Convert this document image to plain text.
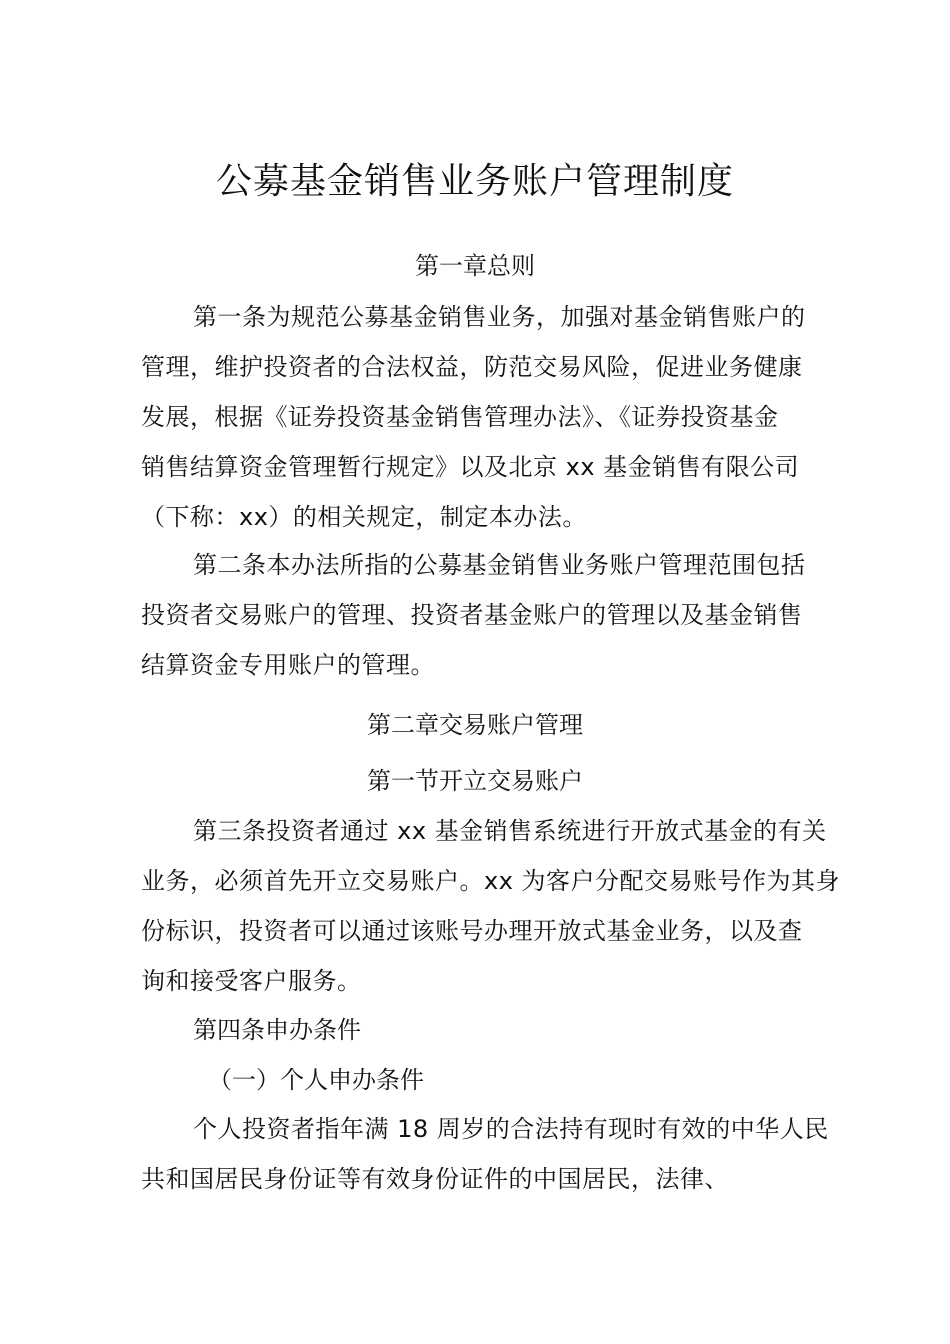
公募基金销售业务账户管理制度
第一章总则

第一条为规范公募基金销售业务，加强对基金销售账户的
管理，维护投资者的合法权益，防范交易风险，促进业务健康
发展，根据《证券投资基金销售管理办法》、《证券投资基金
销售结算资金管理暂行规定》以及北京 xx 基金销售有限公司
（下称：xx）的相关规定，制定本办法。

第二条本办法所指的公募基金销售业务账户管理范围包括
投资者交易账户的管理、投资者基金账户的管理以及基金销售
结算资金专用账户的管理。

第二章交易账户管理
第一节开立交易账户

第三条投资者通过 xx 基金销售系统进行开放式基金的有关
业务，必须首先开立交易账户。xx 为客户分配交易账号作为其身
份标识，投资者可以通过该账号办理开放式基金业务，以及查
询和接受客户服务。

第四条申办条件

（一）个人申办条件

个人投资者指年满 18 周岁的合法持有现时有效的中华人民
共和国居民身份证等有效身份证件的中国居民，法律、
